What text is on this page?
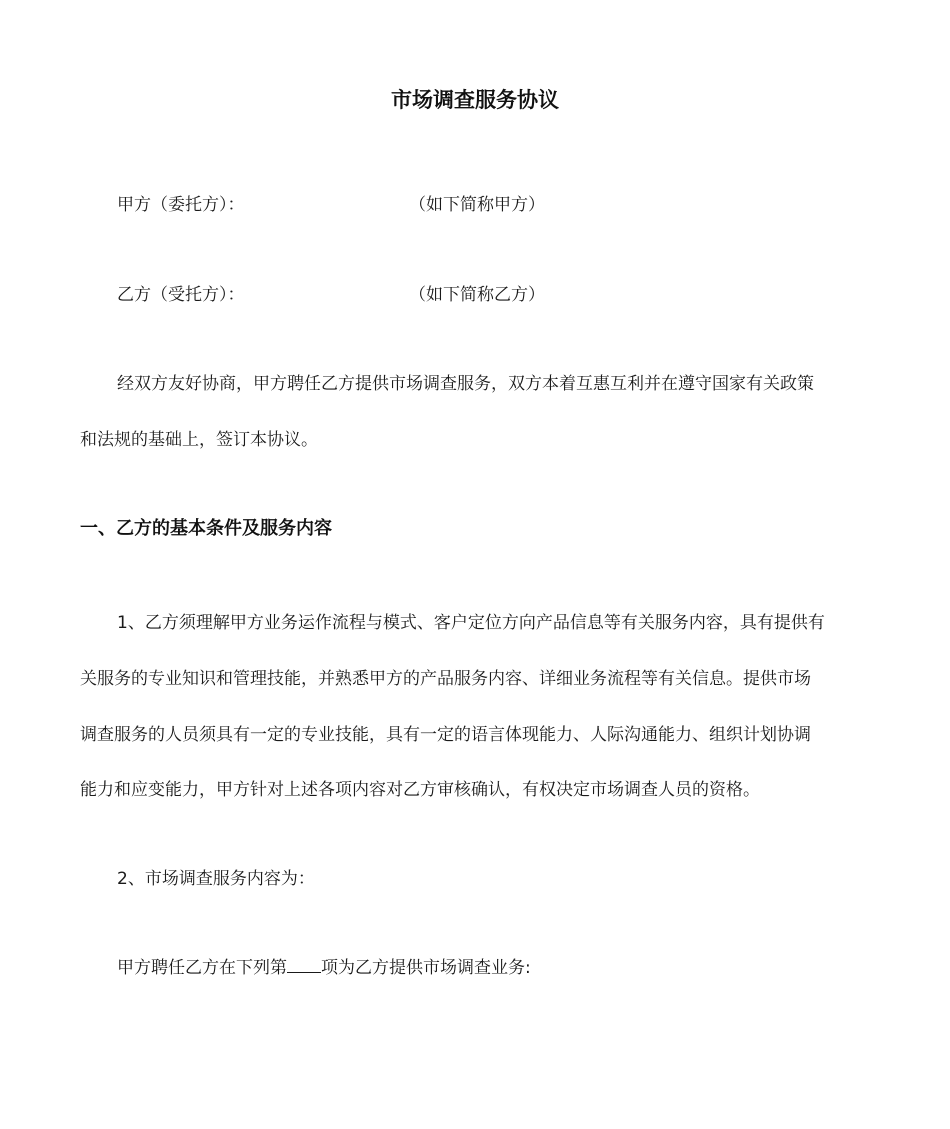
市场调查服务协议
甲方（委托方）：	（如下简称甲方）
乙方（受托方）：	（如下简称乙方）
经双方友好协商，甲方聘任乙方提供市场调查服务，双方本着互惠互利并在遵守国家有关政策
和法规的基础上，签订本协议。
一、乙方的基本条件及服务内容
1、乙方须理解甲方业务运作流程与模式、客户定位方向产品信息等有关服务内容，具有提供有
关服务的专业知识和管理技能，并熟悉甲方的产品服务内容、详细业务流程等有关信息。提供市场
调查服务的人员须具有一定的专业技能，具有一定的语言体现能力、人际沟通能力、组织计划协调
能力和应变能力，甲方针对上述各项内容对乙方审核确认，有权决定市场调查人员的资格。
2、市场调查服务内容为：
甲方聘任乙方在下列第 项为乙方提供市场调查业务:
